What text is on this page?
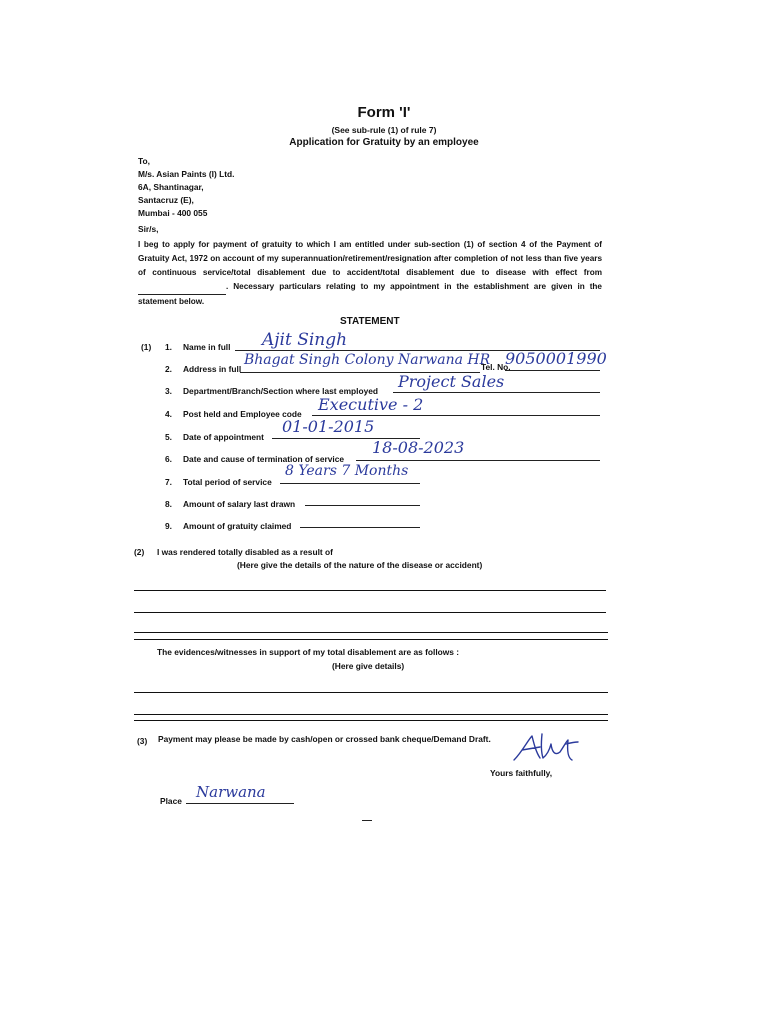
Form 'I'
(See sub-rule (1) of rule 7)
Application for Gratuity by an employee
To,
M/s. Asian Paints (I) Ltd.
6A, Shantinagar,
Santacruz (E),
Mumbai - 400 055
Sir/s,
I beg to apply for payment of gratuity to which I am entitled under sub-section (1) of section 4 of the Payment of Gratuity Act, 1972 on account of my superannuation/retirement/resignation after completion of not less than five years of continuous service/total disablement due to accident/total disablement due to disease with effect from  . Necessary particulars relating to my appointment in the establishment are given in the statement below.
STATEMENT
(1) 1. Name in full Ajit Singh
2. Address in full
Bhagat Singh Colony Narwana HR
Tel. No.
9050001990
3. Department/Branch/Section where last employed Project Sales
4. Post held and Employee code Executive - 2
5. Date of appointment
01-01-2015
6. Date and cause of termination of service
18-08-2023
7. Total period of service
8 Years 7 Months
8. Amount of salary last drawn
9. Amount of gratuity claimed
(2) I was rendered totally disabled as a result of
(Here give the details of the nature of the disease or accident)
The evidences/witnesses in support of my total disablement are as follows :
(Here give details)
(3) Payment may please be made by cash/open or crossed bank cheque/Demand Draft.
Yours faithfully,
Place Narwana
